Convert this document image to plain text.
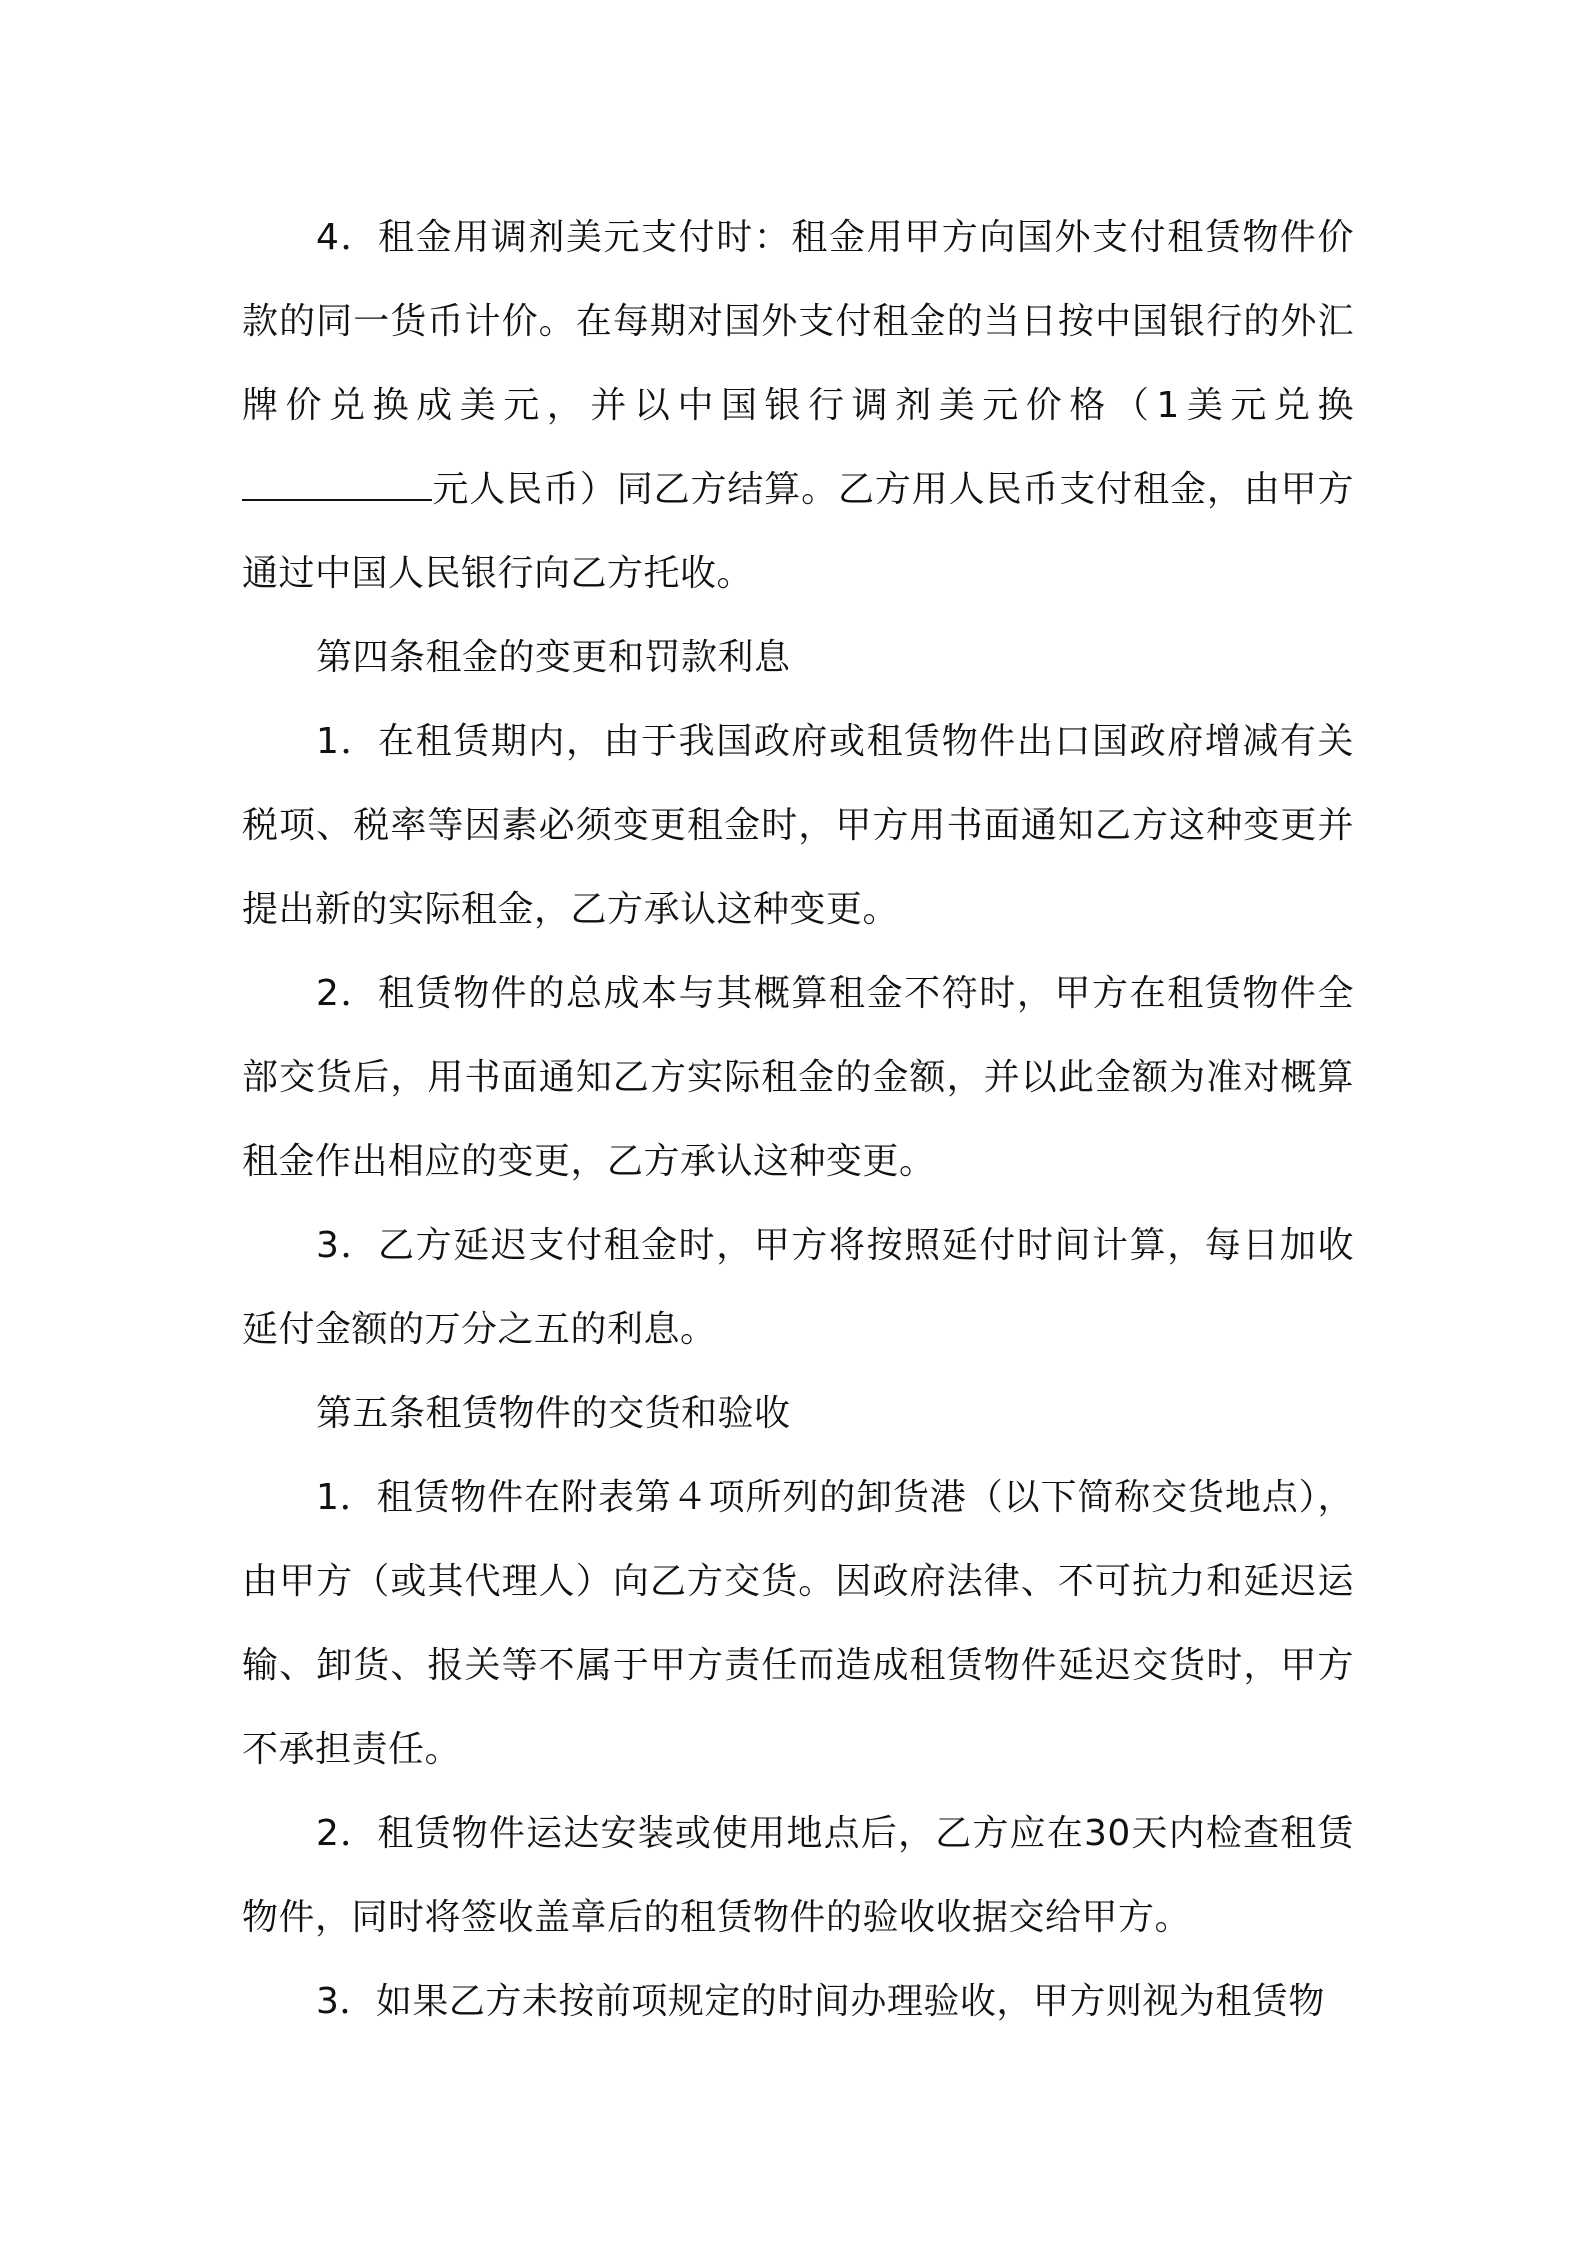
4．租金用调剂美元支付时：租金用甲方向国外支付租赁物件价款的同一货币计价。在每期对国外支付租金的当日按中国银行的外汇牌价兑换成美元，并以中国银行调剂美元价格（1美元兑换元人民币）同乙方结算。乙方用人民币支付租金，由甲方通过中国人民银行向乙方托收。

第四条租金的变更和罚款利息

1．在租赁期内，由于我国政府或租赁物件出口国政府增减有关税项、税率等因素必须变更租金时，甲方用书面通知乙方这种变更并提出新的实际租金，乙方承认这种变更。

2．租赁物件的总成本与其概算租金不符时，甲方在租赁物件全部交货后，用书面通知乙方实际租金的金额，并以此金额为准对概算租金作出相应的变更，乙方承认这种变更。

3．乙方延迟支付租金时，甲方将按照延付时间计算，每日加收延付金额的万分之五的利息。

第五条租赁物件的交货和验收

1．租赁物件在附表第４项所列的卸货港（以下简称交货地点），由甲方（或其代理人）向乙方交货。因政府法律、不可抗力和延迟运输、卸货、报关等不属于甲方责任而造成租赁物件延迟交货时，甲方不承担责任。

2．租赁物件运达安装或使用地点后，乙方应在30天内检查租赁物件，同时将签收盖章后的租赁物件的验收收据交给甲方。

3．如果乙方未按前项规定的时间办理验收，甲方则视为租赁物
